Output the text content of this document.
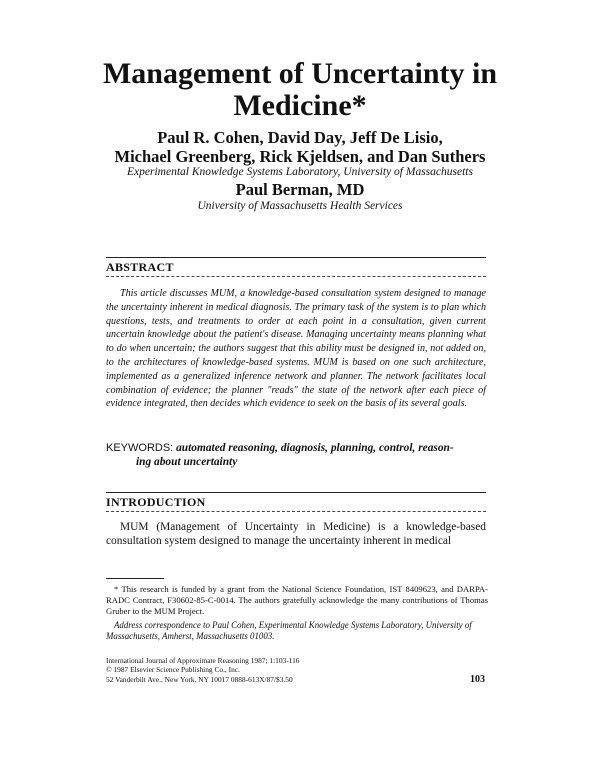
Management of Uncertainty in
Medicine*
Paul R. Cohen, David Day, Jeff De Lisio,
Michael Greenberg, Rick Kjeldsen, and Dan Suthers
Experimental Knowledge Systems Laboratory, University of Massachusetts
Paul Berman, MD
University of Massachusetts Health Services
ABSTRACT
This article discusses MUM, a knowledge-based consultation system designed to manage the uncertainty inherent in medical diagnosis. The primary task of the system is to plan which questions, tests, and treatments to order at each point in a consultation, given current uncertain knowledge about the patient's disease. Managing uncertainty means planning what to do when uncertain; the authors suggest that this ability must be designed in, not added on, to the architectures of knowledge-based systems. MUM is based on one such architecture, implemented as a generalized inference network and planner. The network facilitates local combination of evidence; the planner "reads" the state of the network after each piece of evidence integrated, then decides which evidence to seek on the basis of its several goals.
KEYWORDS: automated reasoning, diagnosis, planning, control, reason-
ing about uncertainty
INTRODUCTION
MUM (Management of Uncertainty in Medicine) is a knowledge-based consultation system designed to manage the uncertainty inherent in medical
* This research is funded by a grant from the National Science Foundation, IST 8409623, and DARPA-RADC Contract, F30602-85-C-0014. The authors gratefully acknowledge the many contributions of Thomas Gruber to the MUM Project.
Address correspondence to Paul Cohen, Experimental Knowledge Systems Laboratory, University of Massachusetts, Amherst, Massachusetts 01003.
International Journal of Approximate Reasoning 1987; 1:103-116
© 1987 Elsevier Science Publishing Co., Inc.
52 Vanderbilt Ave., New York, NY 10017 0888-613X/87/$3.50	103
